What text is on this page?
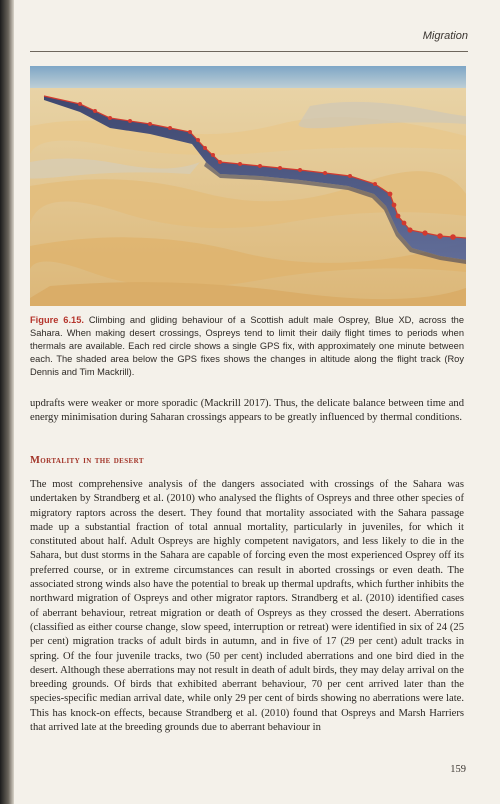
Migration
Figure 6.15. Climbing and gliding behaviour of a Scottish adult male Osprey, Blue XD, across the Sahara. When making desert crossings, Ospreys tend to limit their daily flight times to periods when thermals are available. Each red circle shows a single GPS fix, with approximately one minute between each. The shaded area below the GPS fixes shows the changes in altitude along the flight track (Roy Dennis and Tim Mackrill).
updrafts were weaker or more sporadic (Mackrill 2017). Thus, the delicate balance between time and energy minimisation during Saharan crossings appears to be greatly influenced by thermal conditions.
Mortality in the desert
The most comprehensive analysis of the dangers associated with crossings of the Sahara was undertaken by Strandberg et al. (2010) who analysed the flights of Ospreys and three other species of migratory raptors across the desert. They found that mortality associated with the Sahara passage made up a substantial fraction of total annual mortality, particularly in juveniles, for which it constituted about half. Adult Ospreys are highly competent navigators, and less likely to die in the Sahara, but dust storms in the Sahara are capable of forcing even the most experienced Osprey off its preferred course, or in extreme circumstances can result in aborted crossings or even death. The associated strong winds also have the potential to break up thermal updrafts, which further inhibits the northward migration of Ospreys and other migrator raptors. Strandberg et al. (2010) identified cases of aberrant behaviour, retreat migration or death of Ospreys as they crossed the desert. Aberrations (classified as either course change, slow speed, interruption or retreat) were identified in six of 24 (25 per cent) migration tracks of adult birds in autumn, and in five of 17 (29 per cent) adult tracks in spring. Of the four juvenile tracks, two (50 per cent) included aberrations and one bird died in the desert. Although these aberrations may not result in death of adult birds, they may delay arrival on the breeding grounds. Of birds that exhibited aberrant behaviour, 70 per cent arrived later than the species-specific median arrival date, while only 29 per cent of birds showing no aberrations were late. This has knock-on effects, because Strandberg et al. (2010) found that Ospreys and Marsh Harriers that arrived late at the breeding grounds due to aberrant behaviour in
159
